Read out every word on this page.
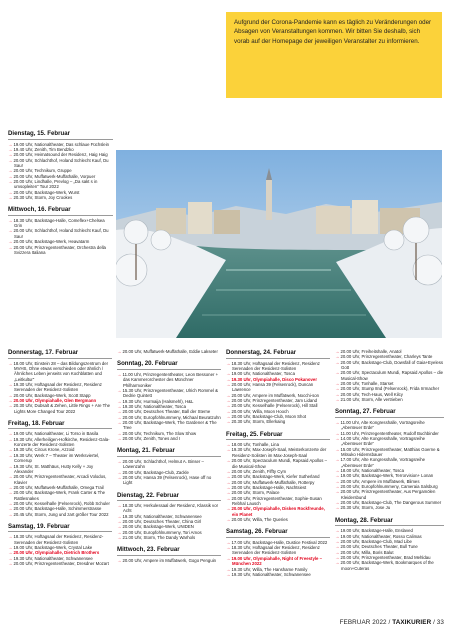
Aufgrund der Corona-Pandemie kann es täglich zu Veränderungen oder Absagen von Veranstaltungen kommen. Wir bitten Sie deshalb, sich vorab auf der Homepage der jeweiligen Veranstalter zu informieren.
Dienstag, 15. Februar
→ 19.00 Uhr, Nationaltheater, Das schlaue Füchslein
→ 19.40 Uhr, Zenith, Tim Bendzko
→ 20.00 Uhr, Heimatsound der Residenz, Haig Haig
→ 20.00 Uhr, Schlachthof, Holand Schlecht Kauf, Du Sau!
→ 20.00 Uhr, Technikum, Gruppe
→ 20.00 Uhr, Muffatwerk-Muffathalle, Vorpuer
→ 20.00 Uhr, Lindhalle, Prevlog – „Da sakt s in umsopleiten“ Tour 2022
→ 20.00 Uhr, Backstage-Werk, Wurst
→ 20.30 Uhr, Storm, Joy Crookes
Mittwoch, 16. Februar
→ 18.30 Uhr, Backstage-Halle, Comeflex+Chelsea Grin
→ 20.00 Uhr, Schlachthof, Holand Schlecht Kauf, Du Sau!
→ 20.00 Uhr, Backstage-Werk, Heavatarm
→ 20.00 Uhr, Prinzregententheater, Orchestra della Svizzera Italiana
Donnerstag, 17. Februar
→ 18.00 Uhr, Einstein 28 – das Bildungszentrum der MVHS, Ohne etwas verschieden oder ähnlich / Ähnliches Leben jenseits von Kochblatten und „Leitkultur“
→ 19.30 Uhr, Hoftagsaal der Residenz, Residenz Serenaden der Residenz-Solisten
→ 20.00 Uhr, Backstage-Werk, Scott Stapp
→ 20.00 Uhr, Olympiahalle, Glen Bergmann
→ 20.30 Uhr, Dubsalt & Zehen, Little Rings + Are The Lights More Changed Tour 2022
Freitag, 18. Februar
→ 19.00 Uhr, Nationaltheater, Li Torso in Basila
→ 19.30 Uhr, Allerheiligen-Hofkirche, Residenz-Gala-Konzerte der Residenz-Solisten
→ 19.30 Uhr, Circus Krone, Azzoid
→ 19.30 Uhr, Werk 7 – Theater im Werksviertel, Cornerup
→ 19.30 Uhr, St. Matthäus, Hutty Kelly + Joy Alexander
→ 20.00 Uhr, Prinzregententheater, Arcadi Volodos, Klavier
→ 20.00 Uhr, Muffatwerk-Muffathalle, Omega Trail
→ 20.00 Uhr, Backstage-Werk, Frank Carter & The Rattlesnakes
→ 20.00 Uhr, Kesselhalle (Felsenrock), Robb Schuler
→ 20.00 Uhr, Backstage-Halle, Schimmerstrasse
→ 20.45 Uhr, Storm, Jung und zart größer Tour 2022
Samstag, 19. Februar
→ 18.30 Uhr, Hoftagsaal der Residenz, Residenz-Serenaden der Residenz-Solisten
→ 19.00 Uhr, Backstage-Werk, Crystal Lake
→ 20.00 Uhr, Olympiahalle, Dietrich Brothers
→ 19.30 Uhr, Nationaltheater, Schwanensee
→ 20.00 Uhr, Prinzregententheater, Dresdner Mozart
→ 20.00 Uhr, Muffatwerk-Muffathalle, Eddie Lakseter
Sonntag, 20. Februar
→ 11.00 Uhr, Prinzregententheater, Leon Bessoner + das Kammerorchester des Münchner Philharmoniker
→ 15.30 Uhr, Prinzregententheater, Ulrich Rommel & Dedrie Quintett
→ 19.30 Uhr, Hurmaija (Halsmehl), H&L
→ 19.30 Uhr, Nationaltheater, Tosca
→ 20.00 Uhr, Deutsches Theater, Ball der Sterne
→ 20.00 Uhr, Europfohlnummeny, Michaal Beuratzuhn
→ 20.00 Uhr, Backstage-Werk, The Gardener & The Tree
→ 20.00 Uhr, Technikum, The Slow Show
→ 20.00 Uhr, Zenith, Tones and I
Montag, 21. Februar
→ 20.00 Uhr, Schlachthof, Helmut A. Binser – Löwenzahn
→ 20.00 Uhr, Backstage-Club, Zackle
→ 20.00 Uhr, Hansa 39 (Felsenrock), Hase off no Light
Dienstag, 22. Februar
→ 18.30 Uhr, Herkulessaal der Residenz, Klassik vor Acht
→ 19.30 Uhr, Nationaltheater, Schwanensee
→ 20.00 Uhr, Deutsches Theater, China Girl
→ 20.00 Uhr, Backstage-Werk, UNIDEN
→ 20.00 Uhr, Europfohlnummeny, Tori Amos
→ 21.00 Uhr, Storm, The Dandy Warhols
Mittwoch, 23. Februar
→ 20.00 Uhr, Ampere im Muffatwerk, Gogo Penguin
Donnerstag, 24. Februar
→ 18.30 Uhr, Hoftagsaal der Residenz, Residenz Serenaden der Residenz-Solisten
→ 19.00 Uhr, Nationaltheater, Tosca
→ 19.30 Uhr, Olympiahalle, Disco Pokanover
→ 20.00 Uhr, Hansa 39 (Felsenrock), Duncan Lawrence
→ 20.00 Uhr, Ampere im Muffatwerk, Nocchi-son
→ 20.00 Uhr, Prinzregententheater, Jam Lidand
→ 20.00 Uhr, Kesselhalle (Felsenrock), Hill Stall
→ 20.00 Uhr, Willa, Moon Hooch
→ 20.00 Uhr, Backstage-Club, Moon Shot
→ 20.30 Uhr, Storm, Ellerkaing
Freitag, 25. Februar
→ 18.00 Uhr, Tonhalle, Lina
→ 19.30 Uhr, Max-Joseph-Saal, Meisterkonzerte der Residenz-Solisten im Max-Joseph-Saal
→ 20.00 Uhr, Spectaculum Mundi, Rapsaid Apollos – die Musical-Show
→ 20.00 Uhr, Zenith, Fiffty Cym
→ 20.00 Uhr, Backstage-Werk, Kiefer Sutherland
→ 20.00 Uhr, Muffatwerk-Muffathalle, Rotterpy
→ 20.00 Uhr, Backstage-Halle, Nachtsiest
→ 20.00 Uhr, Storm, Palace
→ 20.00 Uhr, Prinzregententheater, Sophie-Susan Rebhal Lausch
→ 20.00 Uhr, Olympiahalle, Disken Rockfreunde, ein Planet
→ 20.00 Uhr, Willa, The Queries
Samstag, 26. Februar
→ 17.00 Uhr, Backstage-Halle, Dustice Festival 2022
→ 18.30 Uhr, Hoftagsaal der Residenz, Residenz Serenaden der Residenz-Solisten
→ 19.00 Uhr, Olympiahalle, Night of Freestyle – München 2022
→ 19.30 Uhr, Willa, The Hanshame Family
→ 19.30 Uhr, Nationaltheater, Schwanensee
→ 20.00 Uhr, Freiheitshalle, Anatol
→ 20.00 Uhr, Prinzregententheater, Charleys Tante
→ 20.00 Uhr, Backstage-Club, Dowsfall of Gaia+Eyeless Gott
→ 20.00 Uhr, Spectaculum Mundi, Rapsaid Apollos – die Musical-Show
→ 20.00 Uhr, Tonhalle, Starset
→ 20.00 Uhr, Stump 8nd (Felsenrock), Frida Irrmacher
→ 20.00 Uhr, Tech-Haus, Well Kilcy
→ 21.00 Uhr, Storm, Alle vertrieben
Sonntag, 27. Februar
→ 11.00 Uhr, Alte Kongresshalle, Vortragsreihe „Abenteuer Erde“
→ 11.00 Uhr, Prinzregententheater, Rudolf Buchbinder
→ 14.00 Uhr, Alte Kongresshalle, Vortragsreihe „Abenteuer Erde“
→ 15.00 Uhr, Prinzregententheater, Matthias Goerne & Mitsuko Hidemsbauer
→ 17.00 Uhr, Alte Kongresshalle, Vortragsreihe „Abenteuer Erde“
→ 18.00 Uhr, Nationaltheater, Tosca
→ 19.00 Uhr, Backstage-Werk, Terrorvision+ Lonan
→ 20.00 Uhr, Ampere im Muffatwerk, Blimes
→ 20.00 Uhr, Europfohlnummeny, Cameraia Salsburg
→ 20.00 Uhr, Prinzregententheater, Aus Pergamölen Kleidersbund
→ 20.00 Uhr, Backstage-Club, The Dangerous Summer
→ 20.30 Uhr, Storm, Jose Ju
Montag, 28. Februar
→ 19.00 Uhr, Backstage-Halle, Enslaved
→ 19.00 Uhr, Nationaltheater, Rosso Calimas
→ 20.00 Uhr, Backstage-Club, Mad Libe
→ 20.00 Uhr, Deutsches Theater, Bull Tune
→ 20.00 Uhr, Milla, Boris Balut
→ 20.00 Uhr, Prinzregententheater, Brad Mehldau
→ 20.00 Uhr, Backstage-Werk, Bookmarques of the moon+Cuteras
FEBRUAR 2022 / TAXIKURIER / 33
